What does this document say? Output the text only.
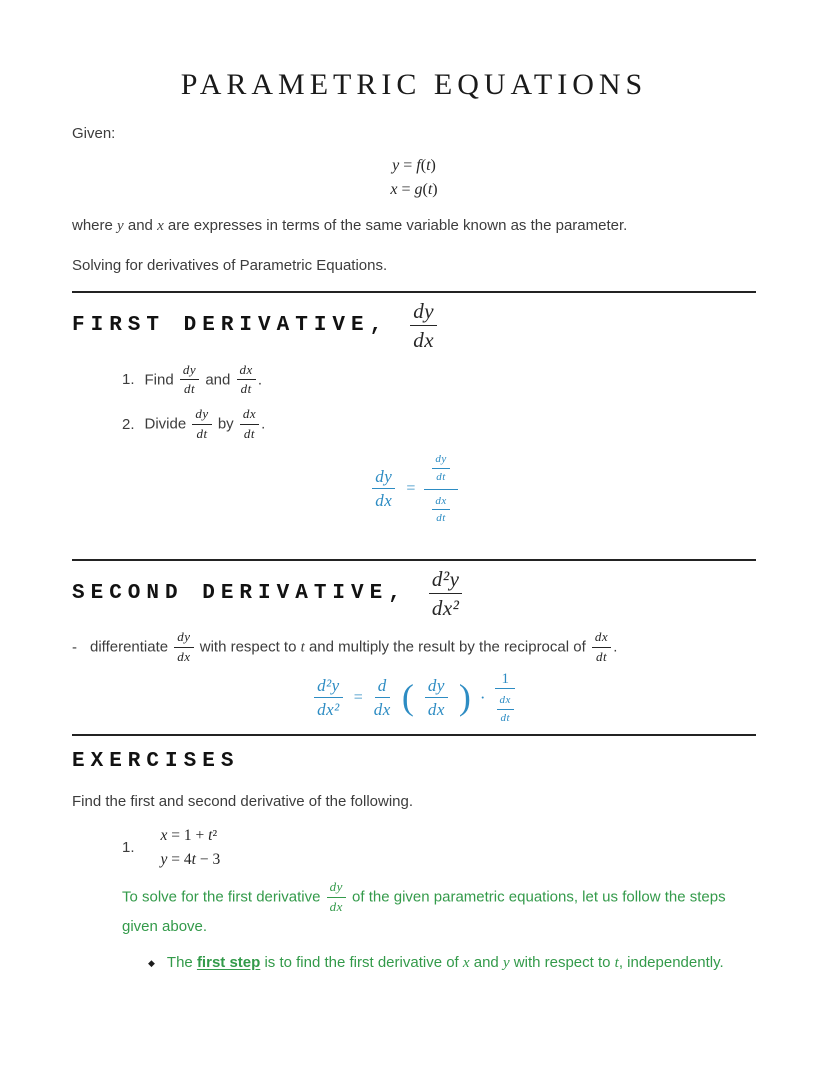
PARAMETRIC EQUATIONS

Given:

y = f(t)
x = g(t)

where y and x are expresses in terms of the same variable known as the parameter.

Solving for derivatives of Parametric Equations.

FIRST DERIVATIVE, $\frac{dy}{dx}$
1. Find $\frac{dy}{dt}$ and $\frac{dx}{dt}$ .
2. Divide $\frac{dy}{dt}$ by $\frac{dx}{dt}$ .
$\frac{dy}{dx} = \frac{\frac{dy}{dt}}{\frac{dx}{dt}}$
SECOND DERIVATIVE, $\frac{\text{d²y}}{\text{dx²}}$
- differentiate $\frac{dy}{dx}$ with respect to t and multiply the result by the reciprocal of $\frac{dx}{dt}$ .
$\frac{\text{d²y}}{\text{dx²}} = \frac{d}{dx}$ ( $\frac{dy}{dx}$ ) · $\frac{1}{\frac{dx}{dt}}$
EXERCISES

Find the first and second derivative of the following.

1.
x = 1 + t²
y = 4t − 3

To solve for the first derivative $\frac{dy}{dx}$ of the given parametric equations, let us follow the steps given above.

◆ The first step is to find the first derivative of x and y with respect to t, independently.
